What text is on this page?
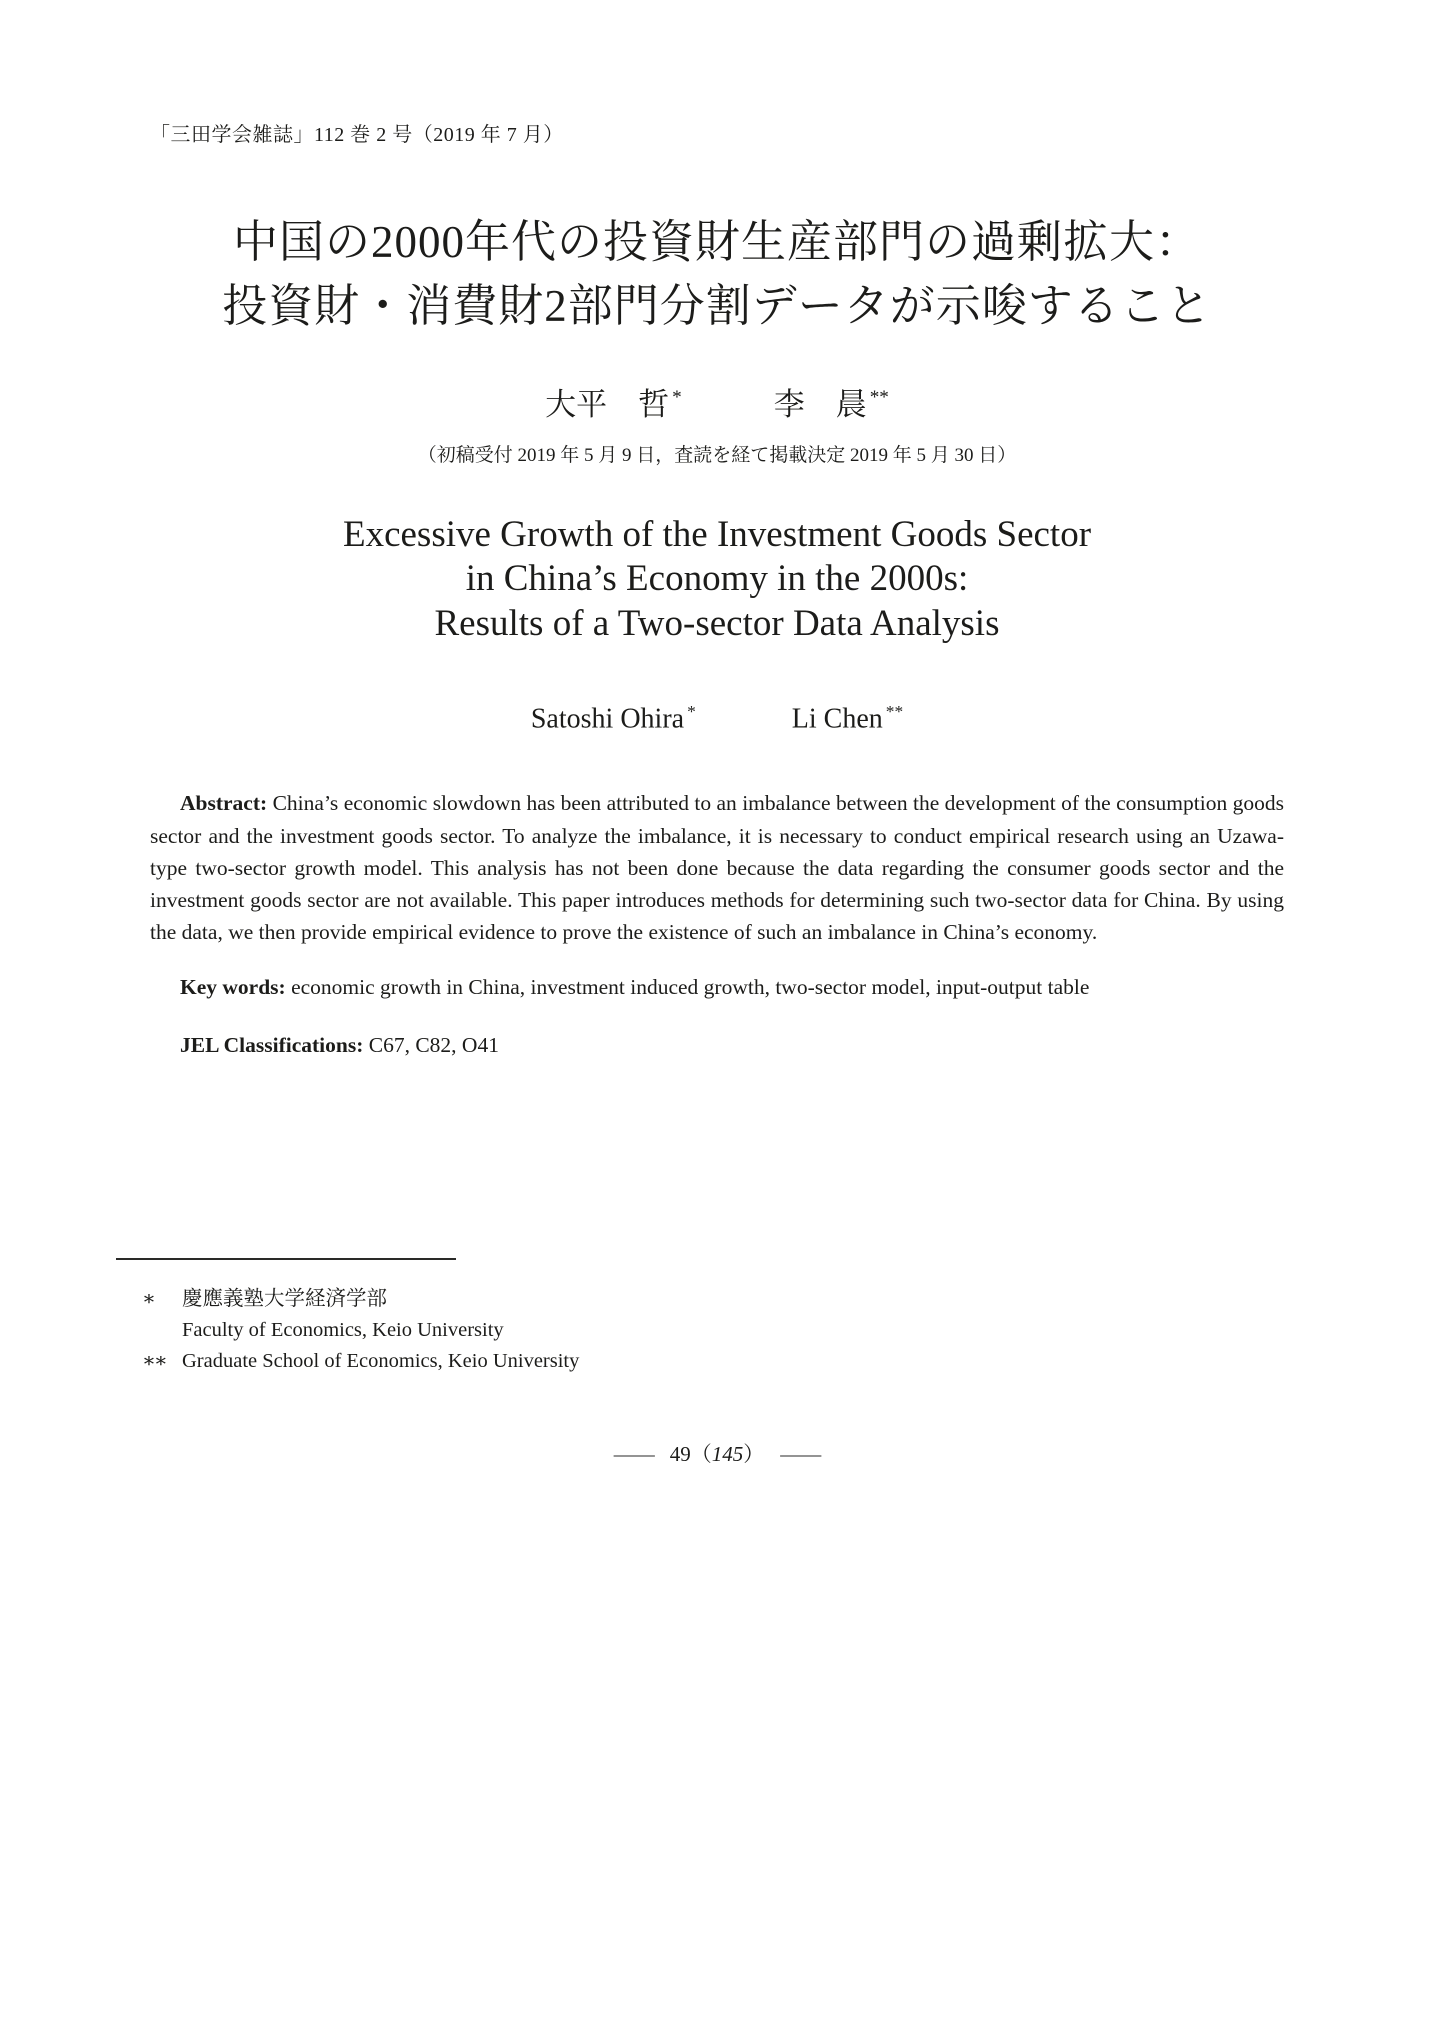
「三田学会雑誌」112 巻 2 号（2019 年 7 月）
中国の2000年代の投資財生産部門の過剰拡大：
投資財・消費財2部門分割データが示唆すること
大平　哲 *	李　晨 **
（初稿受付 2019 年 5 月 9 日，査読を経て掲載決定 2019 年 5 月 30 日）
Excessive Growth of the Investment Goods Sector
in China’s Economy in the 2000s:
Results of a Two-sector Data Analysis
Satoshi Ohira *	Li Chen **

Abstract: China’s economic slowdown has been attributed to an imbalance between the development of the consumption goods sector and the investment goods sector. To analyze the imbalance, it is necessary to conduct empirical research using an Uzawa-type two-sector growth model. This analysis has not been done because the data regarding the consumer goods sector and the investment goods sector are not available. This paper introduces methods for determining such two-sector data for China. By using the data, we then provide empirical evidence to prove the existence of such an imbalance in China’s economy.

Key words: economic growth in China, investment induced growth, two-sector model, input-output table

JEL Classifications: C67, C82, O41

∗	慶應義塾大学経済学部
Faculty of Economics, Keio University
∗∗ Graduate School of Economics, Keio University
—— 49（145） ——
